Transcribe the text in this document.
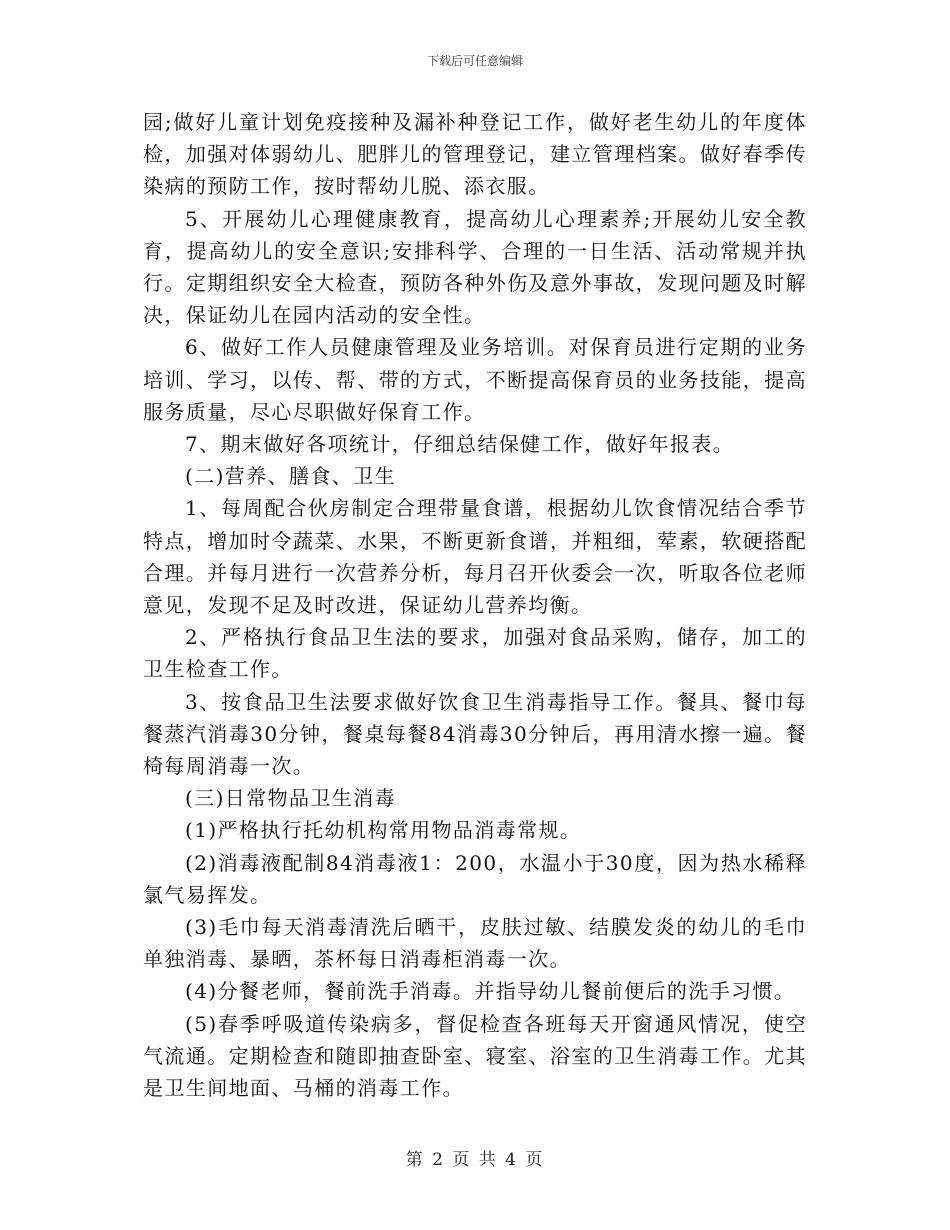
下载后可任意编辑

园;做好儿童计划免疫接种及漏补种登记工作，做好老生幼儿的年度体检，加强对体弱幼儿、肥胖儿的管理登记，建立管理档案。做好春季传染病的预防工作，按时帮幼儿脱、添衣服。

5、开展幼儿心理健康教育，提高幼儿心理素养;开展幼儿安全教育，提高幼儿的安全意识;安排科学、合理的一日生活、活动常规并执行。定期组织安全大检查，预防各种外伤及意外事故，发现问题及时解决，保证幼儿在园内活动的安全性。

6、做好工作人员健康管理及业务培训。对保育员进行定期的业务培训、学习，以传、帮、带的方式，不断提高保育员的业务技能，提高服务质量，尽心尽职做好保育工作。

7、期末做好各项统计，仔细总结保健工作，做好年报表。

(二)营养、膳食、卫生

1、每周配合伙房制定合理带量食谱，根据幼儿饮食情况结合季节特点，增加时令蔬菜、水果，不断更新食谱，并粗细，荤素，软硬搭配合理。并每月进行一次营养分析，每月召开伙委会一次，听取各位老师意见，发现不足及时改进，保证幼儿营养均衡。

2、严格执行食品卫生法的要求，加强对食品采购，储存，加工的卫生检查工作。

3、按食品卫生法要求做好饮食卫生消毒指导工作。餐具、餐巾每餐蒸汽消毒30分钟，餐桌每餐84消毒30分钟后，再用清水擦一遍。餐椅每周消毒一次。

(三)日常物品卫生消毒

(1)严格执行托幼机构常用物品消毒常规。

(2)消毒液配制84消毒液1：200，水温小于30度，因为热水稀释氯气易挥发。

(3)毛巾每天消毒清洗后晒干，皮肤过敏、结膜发炎的幼儿的毛巾单独消毒、暴晒，茶杯每日消毒柜消毒一次。

(4)分餐老师，餐前洗手消毒。并指导幼儿餐前便后的洗手习惯。

(5)春季呼吸道传染病多，督促检查各班每天开窗通风情况，使空气流通。定期检查和随即抽查卧室、寝室、浴室的卫生消毒工作。尤其是卫生间地面、马桶的消毒工作。

第 2 页 共 4 页
